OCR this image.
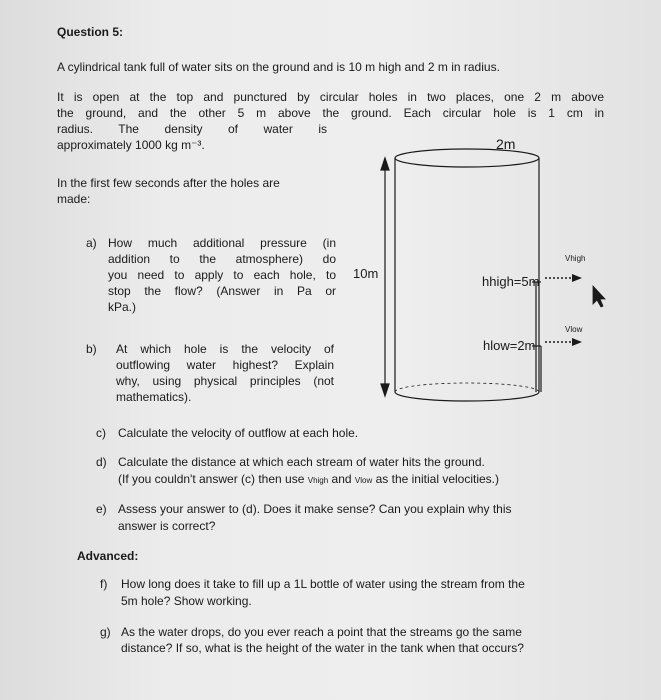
Question 5:
A cylindrical tank full of water sits on the ground and is 10 m high and 2 m in radius.
It is open at the top and punctured by circular holes in two places, one 2 m above
the ground, and the other 5 m above the ground. Each circular hole is 1 cm in
radius. The density of water is
approximately 1000 kg m⁻³.
In the first few seconds after the holes are
made:
2m
10m
hhigh=5m
hlow=2m
Vhigh
Vlow
a) How much additional pressure (in
addition to the atmosphere) do
you need to apply to each hole, to
stop the flow? (Answer in Pa or
kPa.)
b) At which hole is the velocity of
outflowing water highest? Explain
why, using physical principles (not
mathematics).
c) Calculate the velocity of outflow at each hole.
d) Calculate the distance at which each stream of water hits the ground.
(If you couldn't answer (c) then use Vhigh and Vlow as the initial velocities.)
e) Assess your answer to (d). Does it make sense? Can you explain why this
answer is correct?
Advanced:
f) How long does it take to fill up a 1L bottle of water using the stream from the
5m hole? Show working.
g) As the water drops, do you ever reach a point that the streams go the same
distance? If so, what is the height of the water in the tank when that occurs?
